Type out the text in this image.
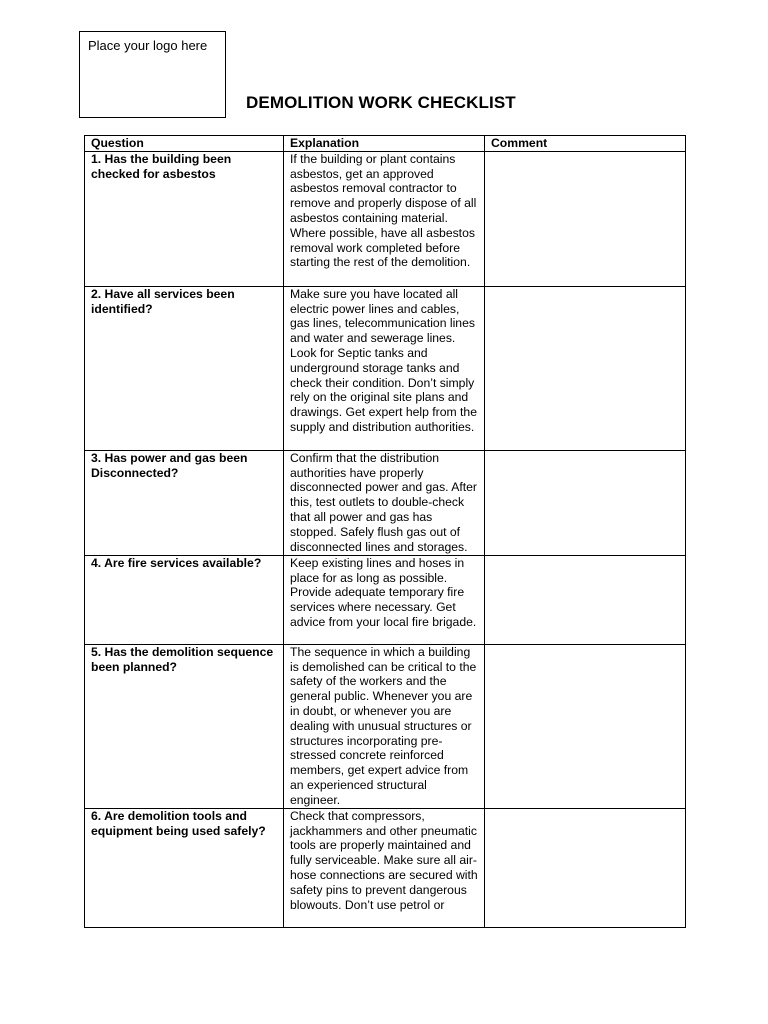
Place your logo here
DEMOLITION WORK CHECKLIST
Question	Explanation	Comment
1. Has the building been checked for asbestos	If the building or plant contains asbestos, get an approved asbestos removal contractor to remove and properly dispose of all asbestos containing material. Where possible, have all asbestos removal work completed before starting the rest of the demolition.	
2. Have all services been identified?	Make sure you have located all electric power lines and cables, gas lines, telecommunication lines and water and sewerage lines. Look for Septic tanks and underground storage tanks and check their condition. Don’t simply rely on the original site plans and drawings. Get expert help from the supply and distribution authorities.	
3. Has power and gas been Disconnected?	Confirm that the distribution authorities have properly disconnected power and gas. After this, test outlets to double-check that all power and gas has stopped. Safely flush gas out of disconnected lines and storages.	
4. Are fire services available?	Keep existing lines and hoses in place for as long as possible. Provide adequate temporary fire services where necessary. Get advice from your local fire brigade.	
5. Has the demolition sequence been planned?	The sequence in which a building is demolished can be critical to the safety of the workers and the general public. Whenever you are in doubt, or whenever you are dealing with unusual structures or structures incorporating pre-stressed concrete reinforced members, get expert advice from an experienced structural engineer.	
6. Are demolition tools and equipment being used safely?	Check that compressors, jackhammers and other pneumatic tools are properly maintained and fully serviceable. Make sure all air-hose connections are secured with safety pins to prevent dangerous blowouts. Don’t use petrol or	
